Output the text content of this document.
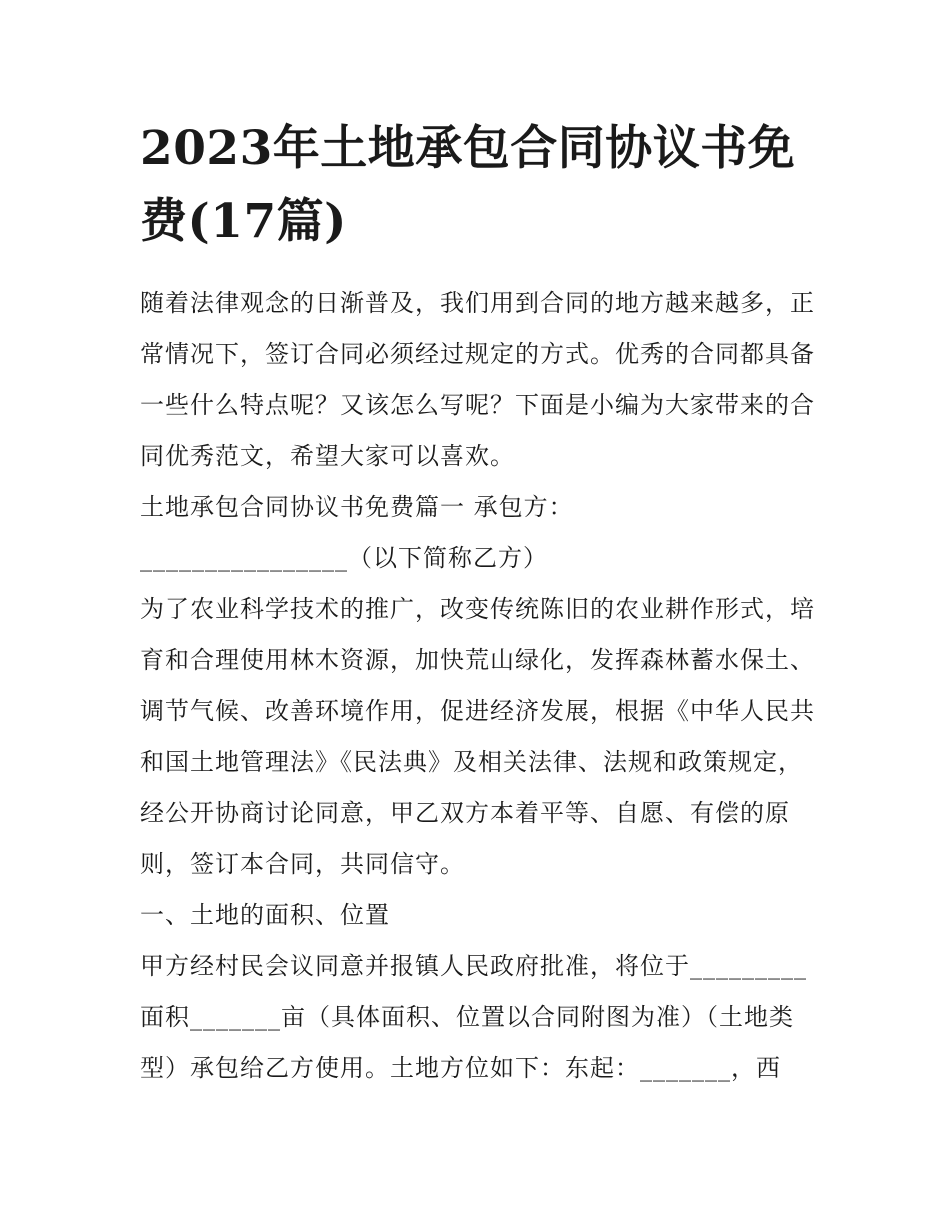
2023年土地承包合同协议书免
费(17篇)

随着法律观念的日渐普及，我们用到合同的地方越来越多，正
常情况下，签订合同必须经过规定的方式。优秀的合同都具备
一些什么特点呢？又该怎么写呢？下面是小编为大家带来的合
同优秀范文，希望大家可以喜欢。

土地承包合同协议书免费篇一 承包方：

________________（以下简称乙方）

为了农业科学技术的推广，改变传统陈旧的农业耕作形式，培
育和合理使用林木资源，加快荒山绿化，发挥森林蓄水保土、
调节气候、改善环境作用，促进经济发展，根据《中华人民共
和国土地管理法》《民法典》及相关法律、法规和政策规定，
经公开协商讨论同意，甲乙双方本着平等、自愿、有偿的原
则，签订本合同，共同信守。

一、土地的面积、位置

甲方经村民会议同意并报镇人民政府批准，将位于_________
面积_______亩（具体面积、位置以合同附图为准）（土地类
型）承包给乙方使用。土地方位如下：东起：_______，西
